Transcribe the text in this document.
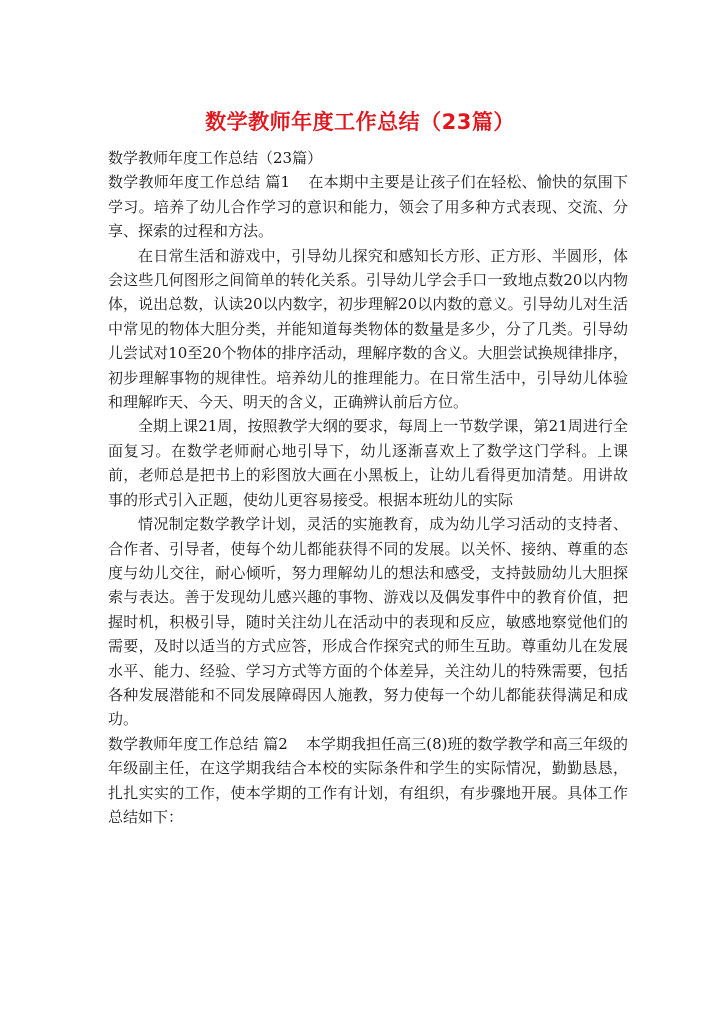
数学教师年度工作总结（23篇）

数学教师年度工作总结（23篇）

数学教师年度工作总结 篇1 在本期中主要是让孩子们在轻松、愉快的氛围下学习。培养了幼儿合作学习的意识和能力，领会了用多种方式表现、交流、分享、探索的过程和方法。

在日常生活和游戏中，引导幼儿探究和感知长方形、正方形、半圆形，体会这些几何图形之间简单的转化关系。引导幼儿学会手口一致地点数20以内物体，说出总数，认读20以内数字，初步理解20以内数的意义。引导幼儿对生活中常见的物体大胆分类，并能知道每类物体的数量是多少，分了几类。引导幼儿尝试对10至20个物体的排序活动，理解序数的含义。大胆尝试换规律排序，初步理解事物的规律性。培养幼儿的推理能力。在日常生活中，引导幼儿体验和理解昨天、今天、明天的含义，正确辨认前后方位。

全期上课21周，按照教学大纲的要求，每周上一节数学课，第21周进行全面复习。在数学老师耐心地引导下，幼儿逐渐喜欢上了数学这门学科。上课前，老师总是把书上的彩图放大画在小黑板上，让幼儿看得更加清楚。用讲故事的形式引入正题，使幼儿更容易接受。根据本班幼儿的实际

情况制定数学教学计划，灵活的实施教育，成为幼儿学习活动的支持者、合作者、引导者，使每个幼儿都能获得不同的发展。以关怀、接纳、尊重的态度与幼儿交往，耐心倾听，努力理解幼儿的想法和感受，支持鼓励幼儿大胆探索与表达。善于发现幼儿感兴趣的事物、游戏以及偶发事件中的教育价值，把握时机，积极引导，随时关注幼儿在活动中的表现和反应，敏感地察觉他们的需要，及时以适当的方式应答，形成合作探究式的师生互助。尊重幼儿在发展水平、能力、经验、学习方式等方面的个体差异，关注幼儿的特殊需要，包括各种发展潜能和不同发展障碍因人施教，努力使每一个幼儿都能获得满足和成功。

数学教师年度工作总结 篇2 本学期我担任高三(8)班的数学教学和高三年级的年级副主任，在这学期我结合本校的实际条件和学生的实际情况，勤勤恳恳，扎扎实实的工作，使本学期的工作有计划，有组织，有步骤地开展。具体工作总结如下：
